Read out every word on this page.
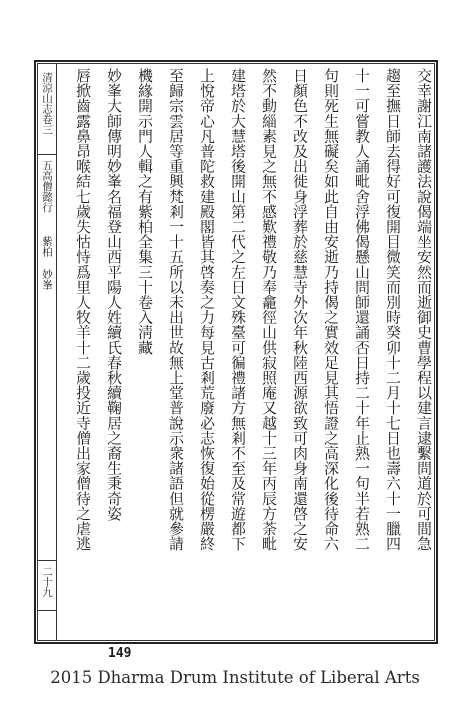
清涼山志卷三
五高僧懿行
紫柏 妙峯
二十九
交幸謝江南諸護法說偈端坐安然而逝御史曹學程以建言逮繫問道於可間急
趨至撫日師去得好可復開目微笑而別時癸卯十二月十七日也壽六十一臘四
十一可嘗教人誦毗舍浮佛偈懸山問師還誦否日持二十年止熟一句半若熟二
句則死生無礙矣如此自由安逝乃持偈之實效足見其悟證之高深化後待命六
日顏色不改及出徙身浮葬於慈慧寺外次年秋陸西源欲致可肉身南還啓之安
然不動緇素見之無不感歎禮敬乃奉龕徑山供寂照庵又越十三年丙辰方荼毗
建塔於大慧塔後開山第二代之左日文殊臺可徧禮諸方無剎不至及常遊都下
上悅帝心凡普陀救建殿閣皆其啓奏之力每見古剎荒廢必志恢復始從楞嚴終
至歸宗雲居等重興梵剎一十五所以未出世故無上堂普說示衆諸語但就參請
機緣開示門人輯之有紫柏全集三十卷入淸藏
妙峯大師傳明妙峯名福登山西平陽人姓續氏春秋續鞠居之裔生秉奇姿
唇掀齒露鼻昂喉結七歲失怙恃爲里人牧羊十二歲投近寺僧出家僧待之虐逃
149
2015 Dharma Drum Institute of Liberal Arts
